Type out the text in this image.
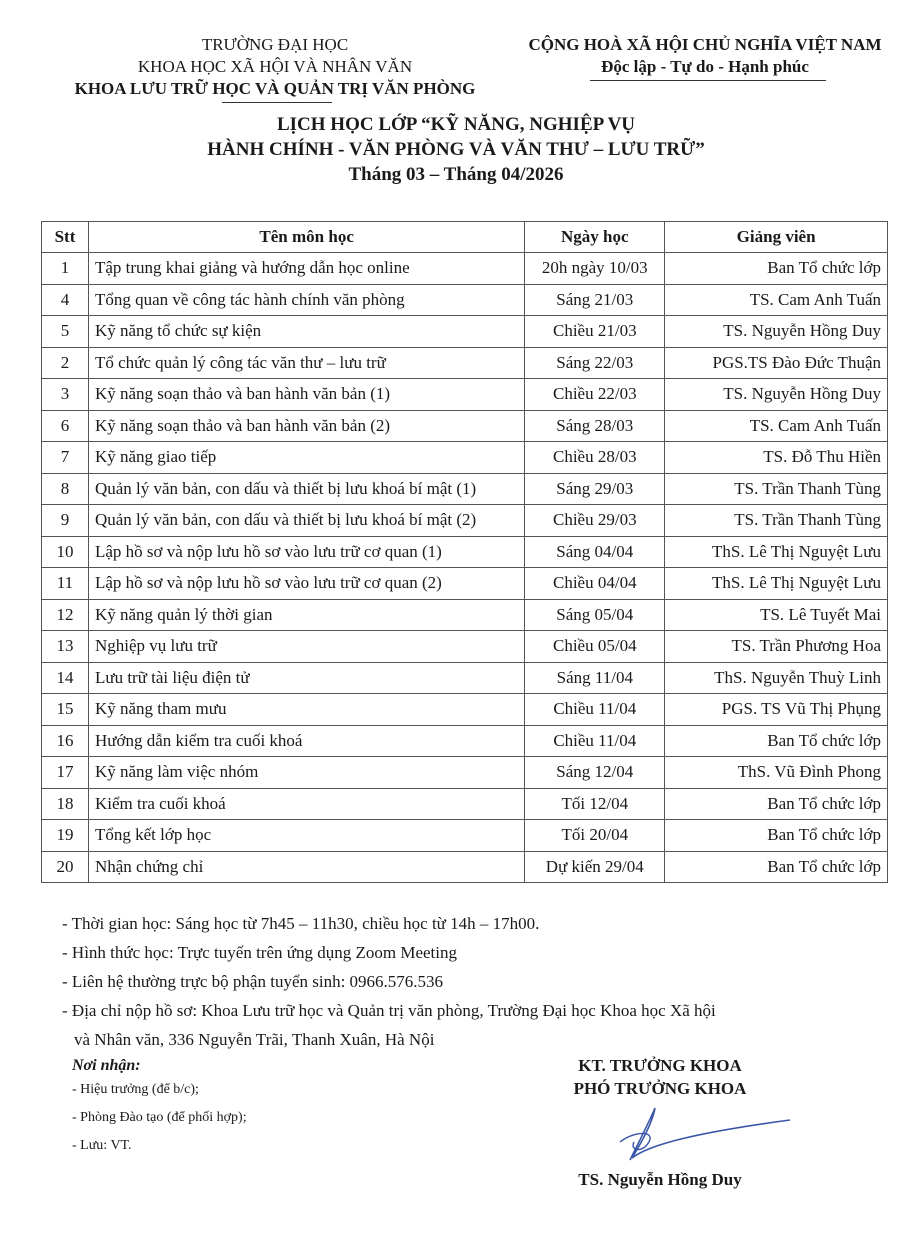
TRƯỜNG ĐẠI HỌC
KHOA HỌC XÃ HỘI VÀ NHÂN VĂN
KHOA LƯU TRỮ HỌC VÀ QUẢN TRỊ VĂN PHÒNG
CỘNG HOÀ XÃ HỘI CHỦ NGHĨA VIỆT NAM
Độc lập - Tự do - Hạnh phúc
LỊCH HỌC LỚP “KỸ NĂNG, NGHIỆP VỤ
HÀNH CHÍNH - VĂN PHÒNG VÀ VĂN THƯ – LƯU TRỮ”
Tháng 03 – Tháng 04/2026
Stt	Tên môn học	Ngày học	Giảng viên
1	Tập trung khai giảng và hướng dẫn học online	20h ngày 10/03	Ban Tổ chức lớp
4	Tổng quan về công tác hành chính văn phòng	Sáng 21/03	TS. Cam Anh Tuấn
5	Kỹ năng tổ chức sự kiện	Chiều 21/03	TS. Nguyễn Hồng Duy
2	Tổ chức quản lý công tác văn thư – lưu trữ	Sáng 22/03	PGS.TS Đào Đức Thuận
3	Kỹ năng soạn thảo và ban hành văn bản (1)	Chiều 22/03	TS. Nguyễn Hồng Duy
6	Kỹ năng soạn thảo và ban hành văn bản (2)	Sáng 28/03	TS. Cam Anh Tuấn
7	Kỹ năng giao tiếp	Chiều 28/03	TS. Đỗ Thu Hiền
8	Quản lý văn bản, con dấu và thiết bị lưu khoá bí mật (1)	Sáng 29/03	TS. Trần Thanh Tùng
9	Quản lý văn bản, con dấu và thiết bị lưu khoá bí mật (2)	Chiều 29/03	TS. Trần Thanh Tùng
10	Lập hồ sơ và nộp lưu hồ sơ vào lưu trữ cơ quan (1)	Sáng 04/04	ThS. Lê Thị Nguyệt Lưu
11	Lập hồ sơ và nộp lưu hồ sơ vào lưu trữ cơ quan (2)	Chiều 04/04	ThS. Lê Thị Nguyệt Lưu
12	Kỹ năng quản lý thời gian	Sáng 05/04	TS. Lê Tuyết Mai
13	Nghiệp vụ lưu trữ	Chiều 05/04	TS. Trần Phương Hoa
14	Lưu trữ tài liệu điện tử	Sáng 11/04	ThS. Nguyễn Thuỳ Linh
15	Kỹ năng tham mưu	Chiều 11/04	PGS. TS Vũ Thị Phụng
16	Hướng dẫn kiểm tra cuối khoá	Chiều 11/04	Ban Tổ chức lớp
17	Kỹ năng làm việc nhóm	Sáng 12/04	ThS. Vũ Đình Phong
18	Kiểm tra cuối khoá	Tối 12/04	Ban Tổ chức lớp
19	Tổng kết lớp học	Tối 20/04	Ban Tổ chức lớp
20	Nhận chứng chỉ	Dự kiến 29/04	Ban Tổ chức lớp
- Thời gian học: Sáng học từ 7h45 – 11h30, chiều học từ 14h – 17h00.
- Hình thức học: Trực tuyến trên ứng dụng Zoom Meeting
- Liên hệ thường trực bộ phận tuyển sinh: 0966.576.536
- Địa chỉ nộp hồ sơ: Khoa Lưu trữ học và Quản trị văn phòng, Trường Đại học Khoa học Xã hội
và Nhân văn, 336 Nguyễn Trãi, Thanh Xuân, Hà Nội
Nơi nhận:
- Hiệu trưởng (để b/c);
- Phòng Đào tạo (để phối hợp);
- Lưu: VT.
KT. TRƯỞNG KHOA
PHÓ TRƯỞNG KHOA
TS. Nguyễn Hồng Duy
